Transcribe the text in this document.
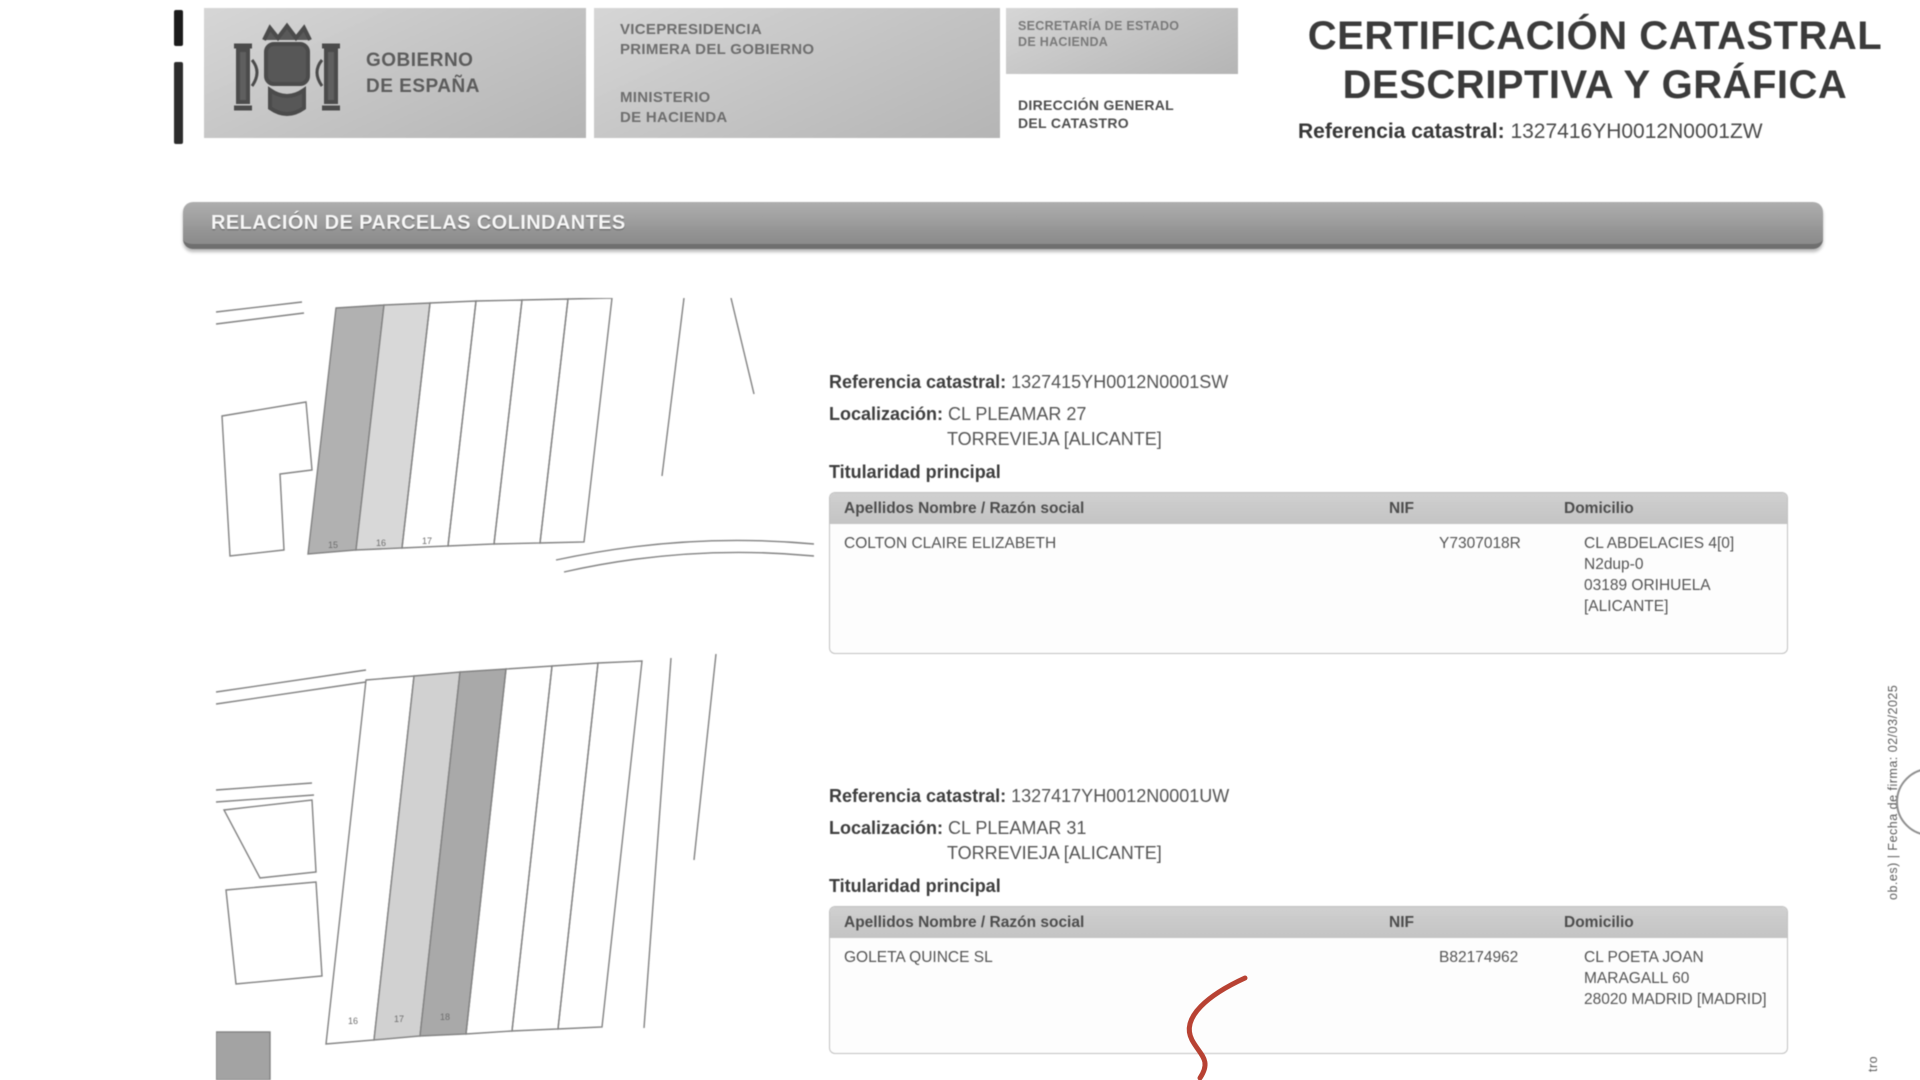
GOBIERNO
DE ESPAÑA
VICEPRESIDENCIA
PRIMERA DEL GOBIERNO
MINISTERIO
DE HACIENDA
SECRETARÍA DE ESTADO
DE HACIENDA
DIRECCIÓN GENERAL
DEL CATASTRO
CERTIFICACIÓN CATASTRAL
DESCRIPTIVA Y GRÁFICA
Referencia catastral: 1327416YH0012N0001ZW
RELACIÓN DE PARCELAS COLINDANTES
15	16	17
Referencia catastral: 1327415YH0012N0001SW
Localización: CL PLEAMAR 27
TORREVIEJA [ALICANTE]
Titularidad principal
Apellidos Nombre / Razón social	NIF	Domicilio
COLTON CLAIRE ELIZABETH	Y7307018R	CL ABDELACIES 4[0] N2dup-0
03189 ORIHUELA [ALICANTE]
16	17	18
Referencia catastral: 1327417YH0012N0001UW
Localización: CL PLEAMAR 31
TORREVIEJA [ALICANTE]
Titularidad principal
Apellidos Nombre / Razón social	NIF	Domicilio
GOLETA QUINCE SL	B82174962	CL POETA JOAN MARAGALL 60
28020 MADRID [MADRID]
ob.es) | Fecha de firma: 02/03/2025
tro
